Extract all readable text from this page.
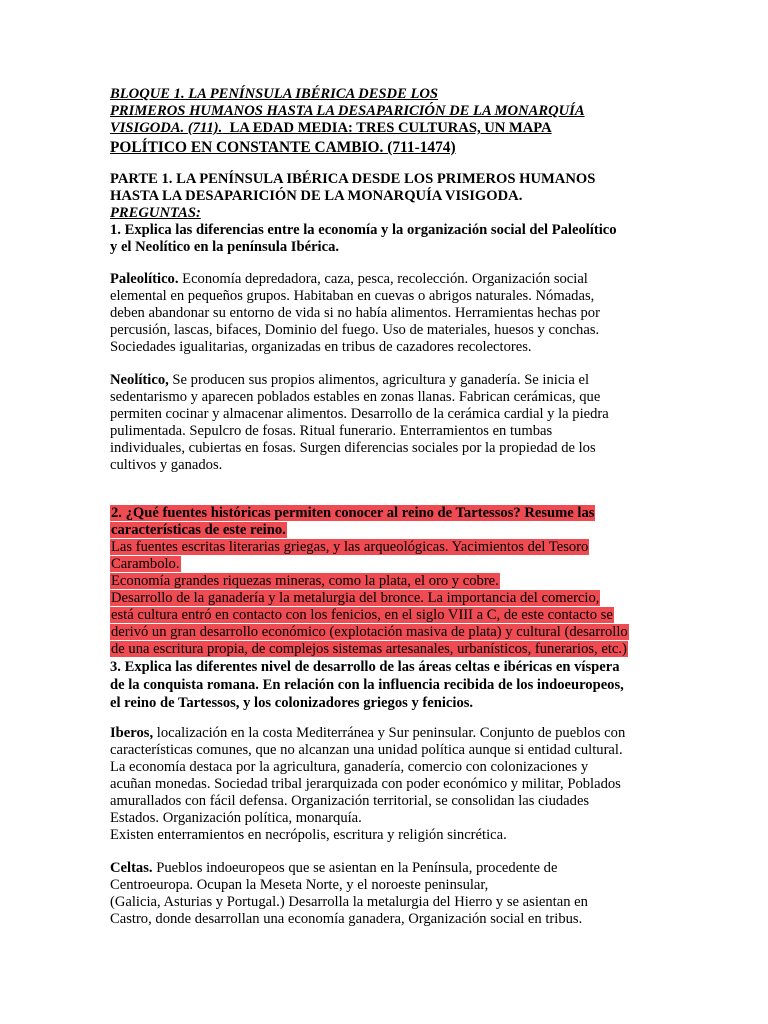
BLOQUE 1. LA PENÍNSULA IBÉRICA DESDE LOS
PRIMEROS HUMANOS HASTA LA DESAPARICIÓN DE LA MONARQUÍA
VISIGODA. (711). LA EDAD MEDIA: TRES CULTURAS, UN MAPA
POLÍTICO EN CONSTANTE CAMBIO. (711-1474)
PARTE 1. LA PENÍNSULA IBÉRICA DESDE LOS PRIMEROS HUMANOS
HASTA LA DESAPARICIÓN DE LA MONARQUÍA VISIGODA.
PREGUNTAS:
1. Explica las diferencias entre la economía y la organización social del Paleolítico
y el Neolítico en la península Ibérica.
Paleolítico. Economía depredadora, caza, pesca, recolección. Organización social
elemental en pequeños grupos. Habitaban en cuevas o abrigos naturales. Nómadas,
deben abandonar su entorno de vida si no había alimentos. Herramientas hechas por
percusión, lascas, bifaces, Dominio del fuego. Uso de materiales, huesos y conchas.
Sociedades igualitarias, organizadas en tribus de cazadores recolectores.
Neolítico, Se producen sus propios alimentos, agricultura y ganadería. Se inicia el
sedentarismo y aparecen poblados estables en zonas llanas. Fabrican cerámicas, que
permiten cocinar y almacenar alimentos. Desarrollo de la cerámica cardial y la piedra
pulimentada. Sepulcro de fosas. Ritual funerario. Enterramientos en tumbas
individuales, cubiertas en fosas. Surgen diferencias sociales por la propiedad de los
cultivos y ganados.
2. ¿Qué fuentes históricas permiten conocer al reino de Tartessos? Resume las
características de este reino.
Las fuentes escritas literarias griegas, y las arqueológicas. Yacimientos del Tesoro
Carambolo.
Economía grandes riquezas mineras, como la plata, el oro y cobre.
Desarrollo de la ganadería y la metalurgia del bronce. La importancia del comercio,
está cultura entró en contacto con los fenicios, en el siglo VIII a C, de este contacto se
derivó un gran desarrollo económico (explotación masiva de plata) y cultural (desarrollo
de una escritura propia, de complejos sistemas artesanales, urbanísticos, funerarios, etc.)
3. Explica las diferentes nivel de desarrollo de las áreas celtas e ibéricas en víspera
de la conquista romana. En relación con la influencia recibida de los indoeuropeos,
el reino de Tartessos, y los colonizadores griegos y fenicios.
Iberos, localización en la costa Mediterránea y Sur peninsular. Conjunto de pueblos con
características comunes, que no alcanzan una unidad política aunque si entidad cultural.
La economía destaca por la agricultura, ganadería, comercio con colonizaciones y
acuñan monedas. Sociedad tribal jerarquizada con poder económico y militar, Poblados
amurallados con fácil defensa. Organización territorial, se consolidan las ciudades
Estados. Organización política, monarquía.
Existen enterramientos en necrópolis, escritura y religión sincrética.
Celtas. Pueblos indoeuropeos que se asientan en la Península, procedente de
Centroeuropa. Ocupan la Meseta Norte, y el noroeste peninsular,
(Galicia, Asturias y Portugal.) Desarrolla la metalurgia del Hierro y se asientan en
Castro, donde desarrollan una economía ganadera, Organización social en tribus.
